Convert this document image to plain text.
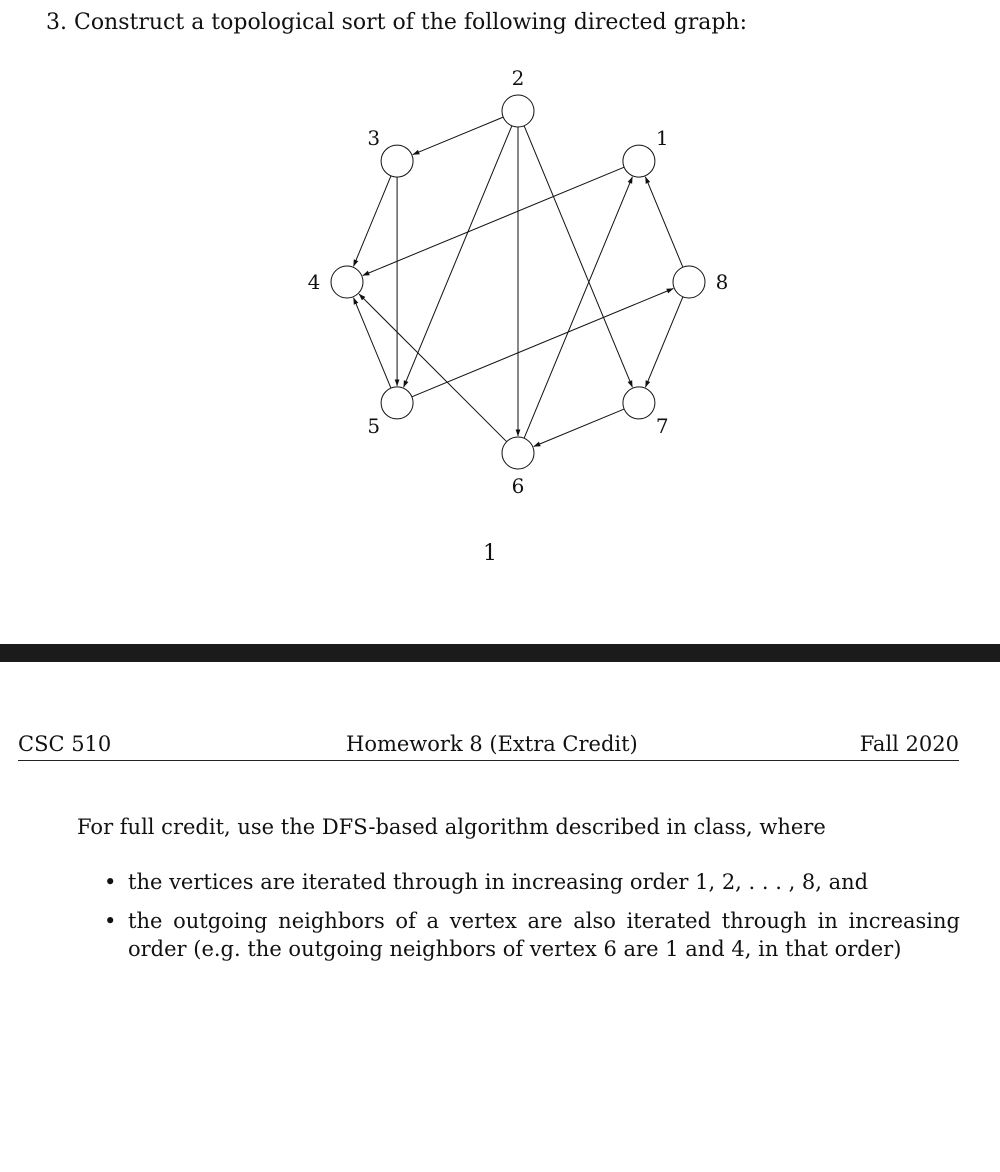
3. Construct a topological sort of the following directed graph:
2
1
8
7
6
5
4
3
1
CSC 510	Homework 8 (Extra Credit)	Fall 2020
For full credit, use the DFS-based algorithm described in class, where
• the vertices are iterated through in increasing order 1, 2, . . . , 8, and
• the outgoing neighbors of a vertex are also iterated through in increasing order (e.g. the outgoing neighbors of vertex 6 are 1 and 4, in that order)
